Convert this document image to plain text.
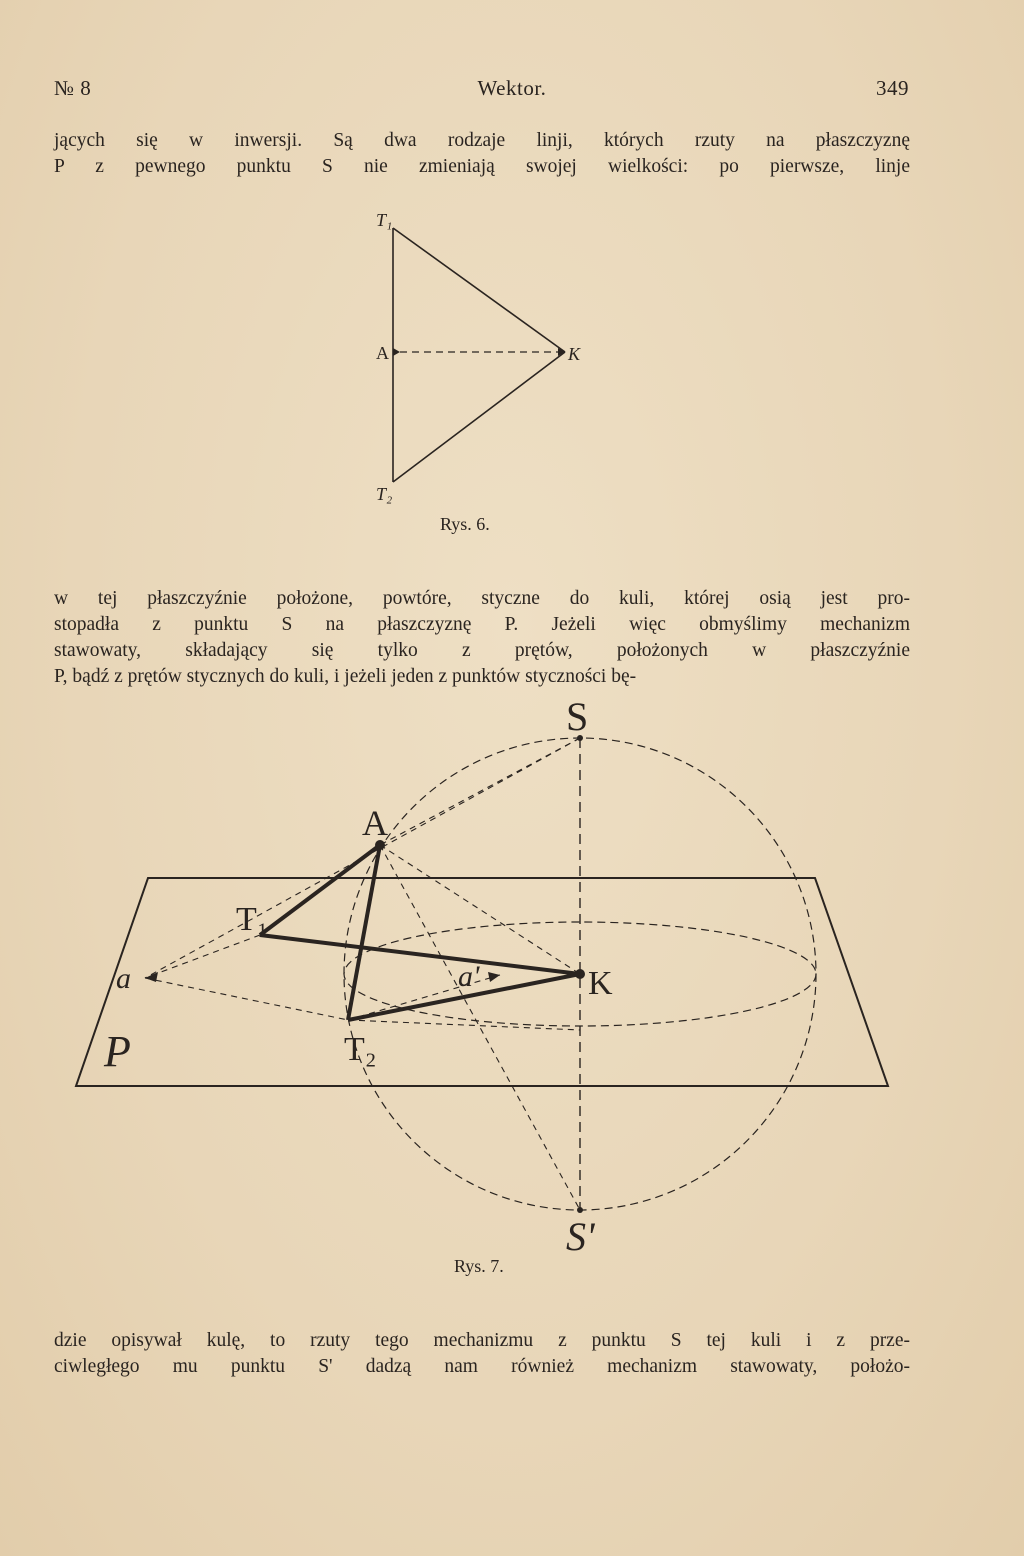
№ 8	Wektor.	349
jących się w inwersji. Są dwa rodzaje linji, których rzuty na płaszczyznę
P z pewnego punktu S nie zmieniają swojej wielkości: po pierwsze, linje
T₁
A	K
T₂
Rys. 6.
w tej płaszczyźnie położone, powtóre, styczne do kuli, której osią jest pro-
stopadła z punktu S na płaszczyznę P. Jeżeli więc obmyślimy mechanizm
stawowaty, składający się tylko z prętów, położonych w płaszczyźnie
P, bądź z prętów stycznych do kuli, i jeżeli jeden z punktów styczności bę-
S
S'
A
T₁
T₂
K
a	a'
P
Rys. 7.
dzie opisywał kulę, to rzuty tego mechanizmu z punktu S tej kuli i z prze-
ciwległego mu punktu S' dadzą nam również mechanizm stawowaty, położo-
